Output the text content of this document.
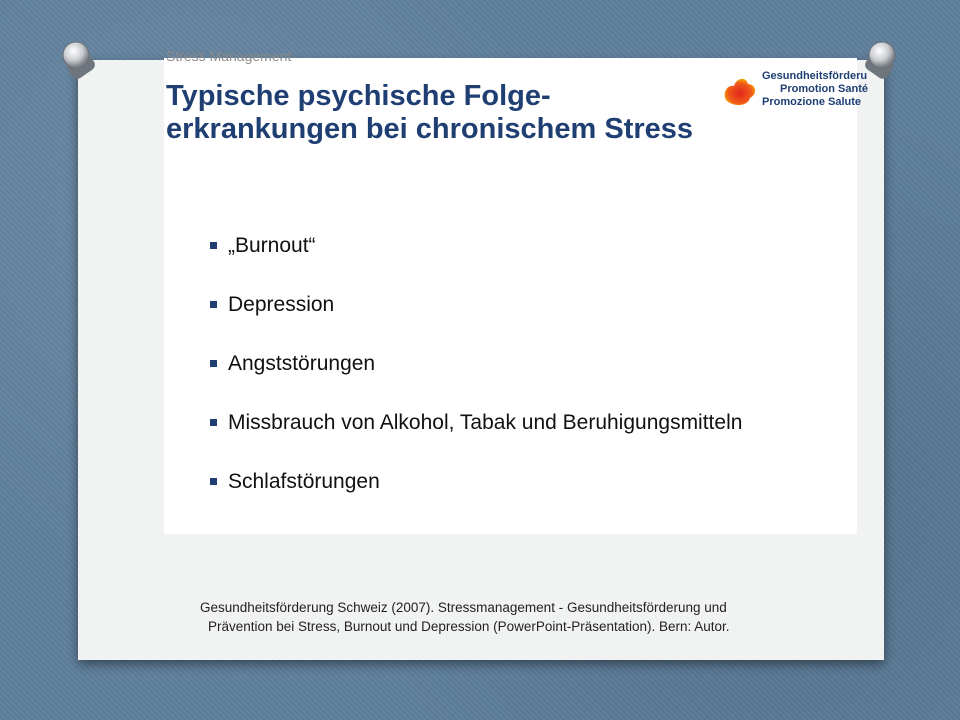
Stress Management
Typische psychische Folge-
erkrankungen bei chronischem Stress
Gesundheitsförderu
Promotion Santé
Promozione Salute
„Burnout“
Depression
Angststörungen
Missbrauch von Alkohol, Tabak und Beruhigungsmitteln
Schlafstörungen
Gesundheitsförderung Schweiz (2007). Stressmanagement - Gesundheitsförderung und
Prävention bei Stress, Burnout und Depression (PowerPoint-Präsentation). Bern: Autor.
